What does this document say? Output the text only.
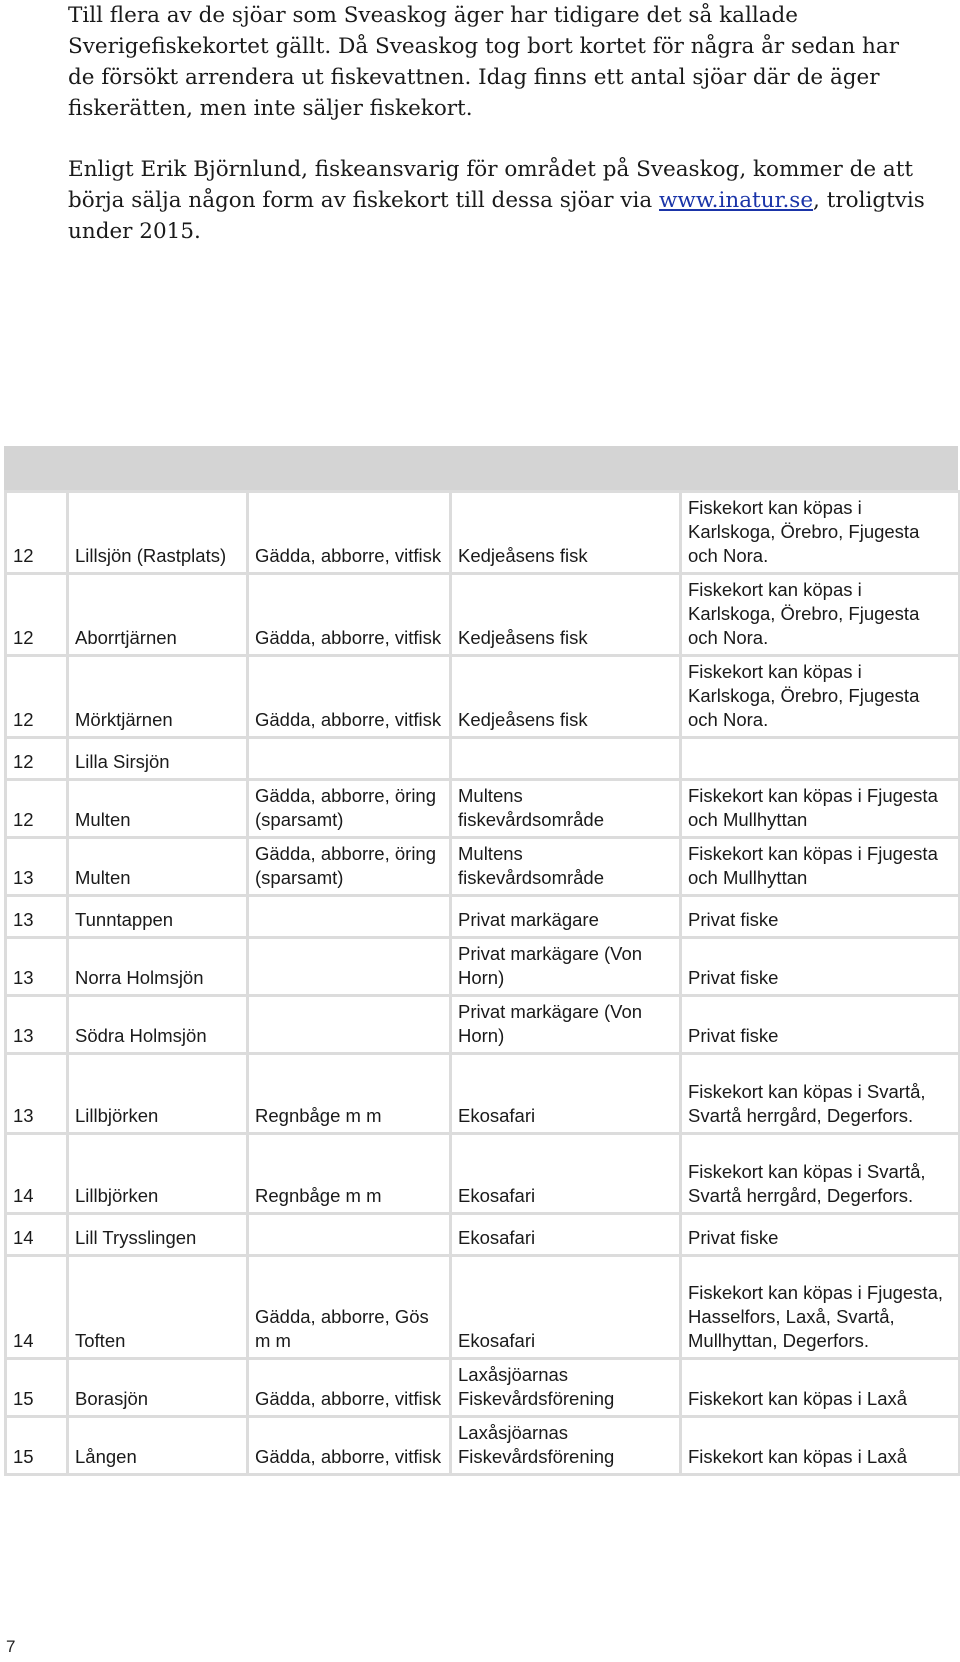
Till flera av de sjöar som Sveaskog äger har tidigare det så kallade Sverigefiskekortet gällt. Då Sveaskog tog bort kortet för några år sedan har de försökt arrendera ut fiskevattnen. Idag finns ett antal sjöar där de äger fiskerätten, men inte säljer fiskekort.

Enligt Erik Björnlund, fiskeansvarig för området på Sveaskog, kommer de att börja sälja någon form av fiskekort till dessa sjöar via www.inatur.se, troligtvis under 2015.

12	Lillsjön (Rastplats)	Gädda, abborre, vitfisk	Kedjeåsens fisk	Fiskekort kan köpas i Karlskoga, Örebro, Fjugesta och Nora.
12	Aborrtjärnen	Gädda, abborre, vitfisk	Kedjeåsens fisk	Fiskekort kan köpas i Karlskoga, Örebro, Fjugesta och Nora.
12	Mörktjärnen	Gädda, abborre, vitfisk	Kedjeåsens fisk	Fiskekort kan köpas i Karlskoga, Örebro, Fjugesta och Nora.
12	Lilla Sirsjön			
12	Multen	Gädda, abborre, öring (sparsamt)	Multens fiskevårdsområde	Fiskekort kan köpas i Fjugesta och Mullhyttan
13	Multen	Gädda, abborre, öring (sparsamt)	Multens fiskevårdsområde	Fiskekort kan köpas i Fjugesta och Mullhyttan
13	Tunntappen		Privat markägare	Privat fiske
13	Norra Holmsjön		Privat markägare (Von Horn)	Privat fiske
13	Södra Holmsjön		Privat markägare (Von Horn)	Privat fiske
13	Lillbjörken	Regnbåge m m	Ekosafari	Fiskekort kan köpas i Svartå, Svartå herrgård, Degerfors.
14	Lillbjörken	Regnbåge m m	Ekosafari	Fiskekort kan köpas i Svartå, Svartå herrgård, Degerfors.
14	Lill Trysslingen		Ekosafari	Privat fiske
14	Toften	Gädda, abborre, Gös m m	Ekosafari	Fiskekort kan köpas i Fjugesta, Hasselfors, Laxå, Svartå, Mullhyttan, Degerfors.
15	Borasjön	Gädda, abborre, vitfisk	Laxåsjöarnas Fiskevårdsförening	Fiskekort kan köpas i Laxå
15	Lången	Gädda, abborre, vitfisk	Laxåsjöarnas Fiskevårdsförening	Fiskekort kan köpas i Laxå
7
